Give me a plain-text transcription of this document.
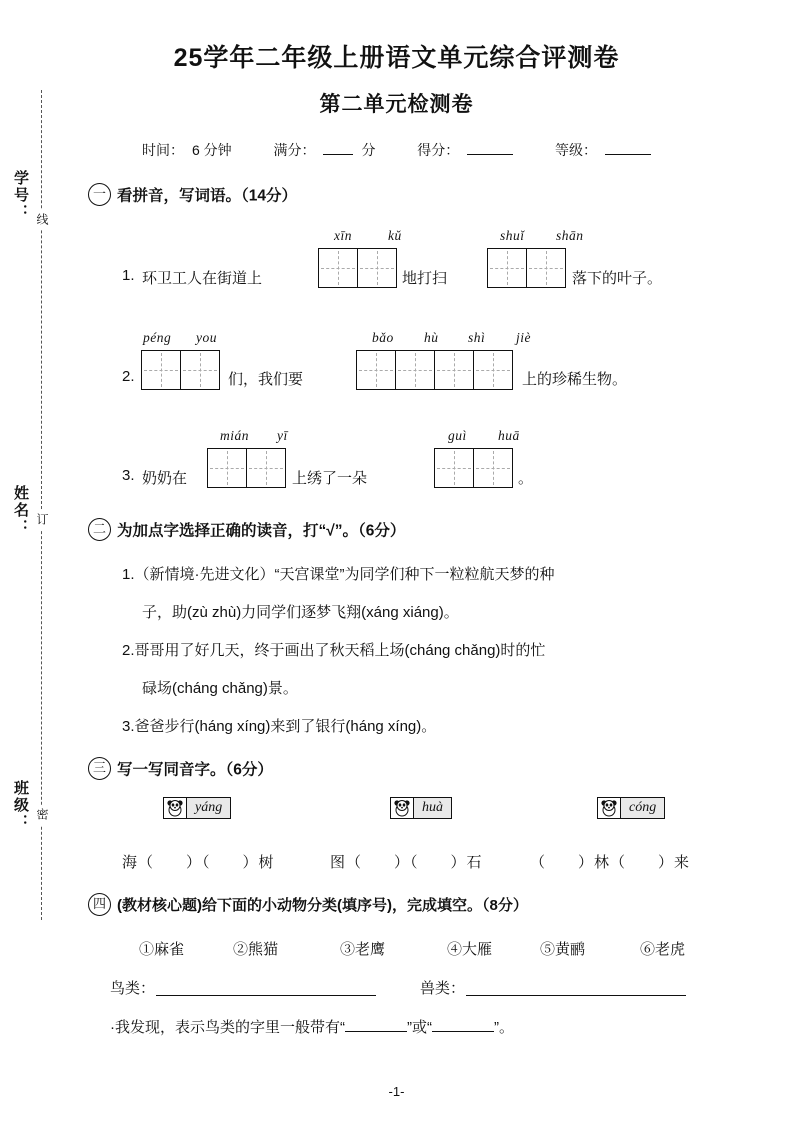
学号：
姓名：
班级：
线
订
密
25学年二年级上册语文单元综合评测卷
第二单元检测卷
时间： 6 分钟	满分：	分	得分：	等级：
一 看拼音，写词语。（14分）
xīn	kǔ	shuǐ shān
1. 环卫工人在街道上	地打扫	落下的叶子。
péng you	bǎo hù shì jiè
2.	们，我们要	上的珍稀生物。
mián yī	guì huā
3. 奶奶在	上绣了一朵	。
二 为加点字选择正确的读音，打“√”。（6分）
1.（新情境·先进文化）“天宫课堂”为同学们种下一粒粒航天梦的种
子，助(zù zhù)力同学们逐梦飞翔(xáng xiáng)。
2.哥哥用了好几天，终于画出了秋天稻上场(cháng chǎng)时的忙
碌场(cháng chǎng)景。
3.爸爸步行(háng xíng)来到了银行(háng xíng)。
三 写一写同音字。（6分）
yáng	huà	cóng
海（　　）（　　）树	图（　　）（　　）石	（　　）林（　　）来
四 (教材核心题)给下面的小动物分类(填序号)，完成填空。（8分）
①麻雀	②熊猫	③老鹰	④大雁	⑤黄鹂	⑥老虎
鸟类：	兽类：
·我发现，表示鸟类的字里一般带有“	”或“	”。
-1-
